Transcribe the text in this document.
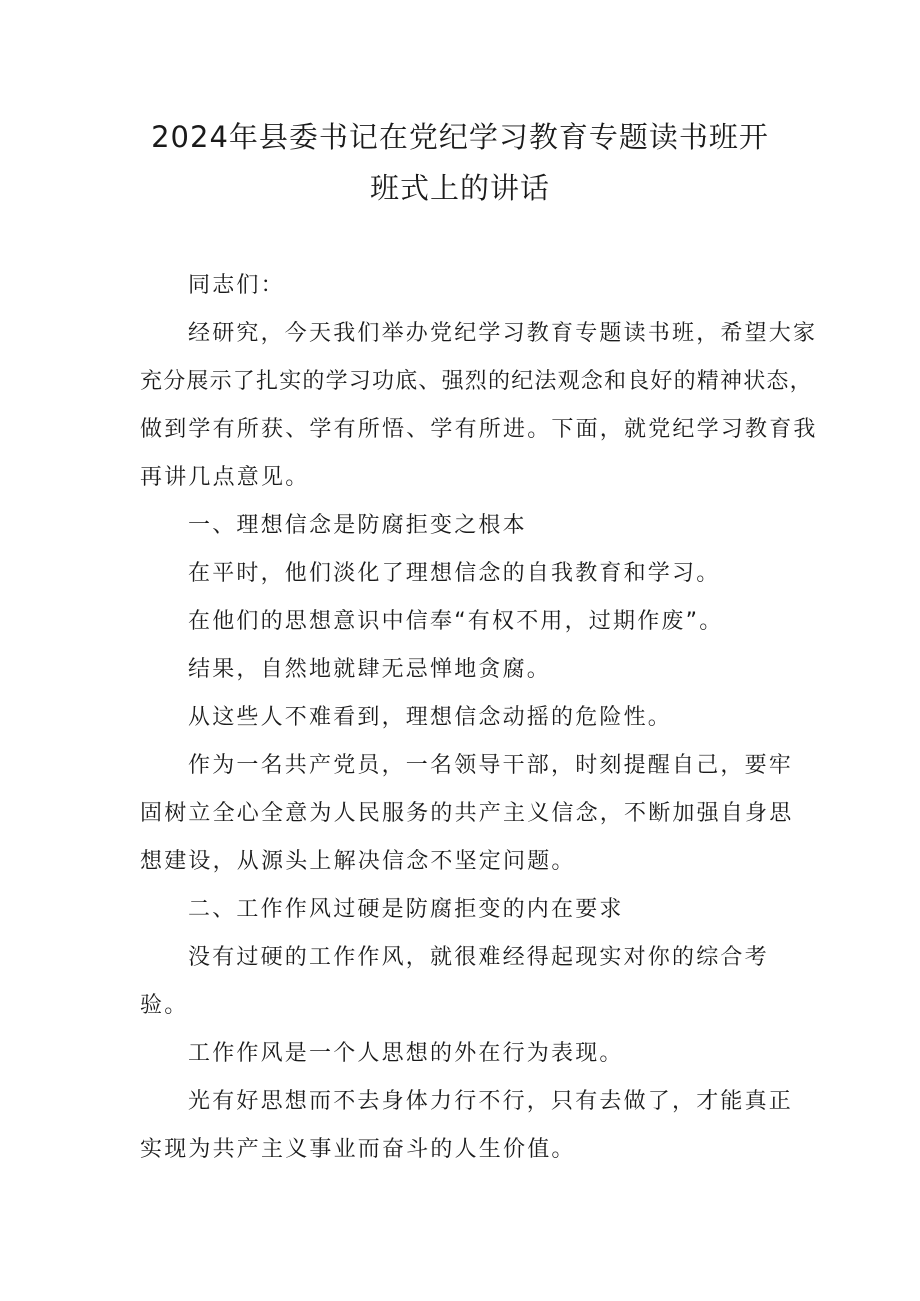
2024年县委书记在党纪学习教育专题读书班开
班式上的讲话

同志们：

经研究，今天我们举办党纪学习教育专题读书班，希望大家

充分展示了扎实的学习功底、强烈的纪法观念和良好的精神状态，

做到学有所获、学有所悟、学有所进。下面，就党纪学习教育我

再讲几点意见。

一、理想信念是防腐拒变之根本

在平时，他们淡化了理想信念的自我教育和学习。

在他们的思想意识中信奉“有权不用，过期作废”。

结果，自然地就肆无忌惮地贪腐。

从这些人不难看到，理想信念动摇的危险性。

作为一名共产党员，一名领导干部，时刻提醒自己，要牢

固树立全心全意为人民服务的共产主义信念，不断加强自身思

想建设，从源头上解决信念不坚定问题。

二、工作作风过硬是防腐拒变的内在要求

没有过硬的工作作风，就很难经得起现实对你的综合考

验。

工作作风是一个人思想的外在行为表现。

光有好思想而不去身体力行不行，只有去做了，才能真正

实现为共产主义事业而奋斗的人生价值。
